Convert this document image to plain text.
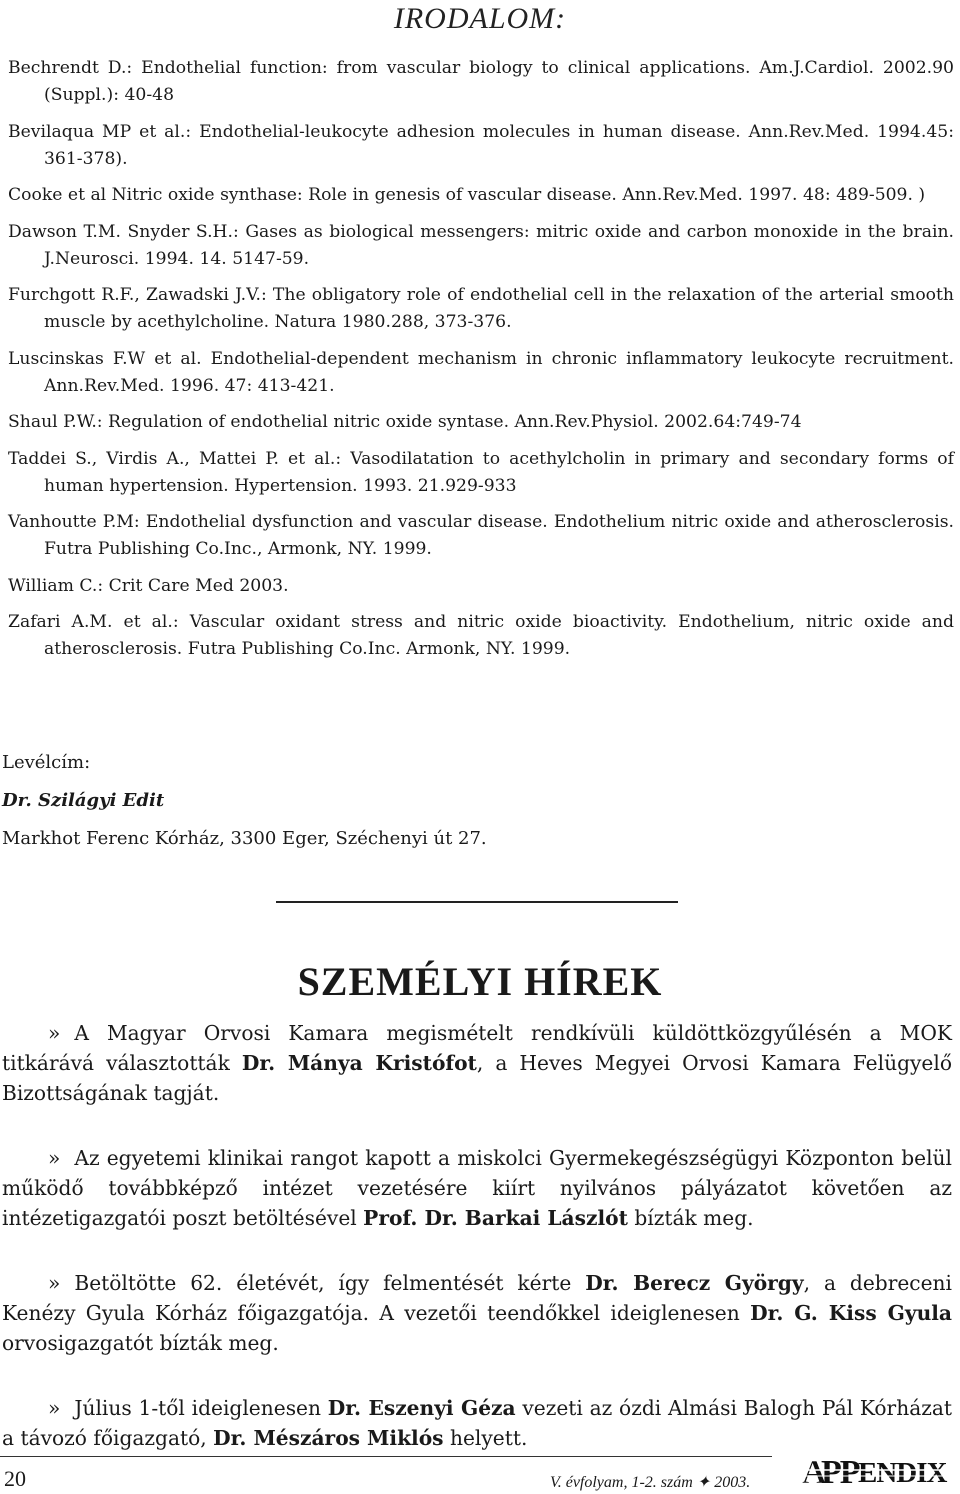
IRODALOM:

Bechrendt D.: Endothelial function: from vascular biology to clinical applications. Am.J.Cardiol. 2002.90 (Suppl.): 40-48

Bevilaqua MP et al.: Endothelial-leukocyte adhesion molecules in human disease. Ann.Rev.Med. 1994.45: 361-378).

Cooke et al Nitric oxide synthase: Role in genesis of vascular disease. Ann.Rev.Med. 1997. 48: 489-509. )

Dawson T.M. Snyder S.H.: Gases as biological messengers: mitric oxide and carbon monoxide in the brain. J.Neurosci. 1994. 14. 5147-59.

Furchgott R.F., Zawadski J.V.: The obligatory role of endothelial cell in the relaxation of the arterial smooth muscle by acethylcholine. Natura 1980.288, 373-376.

Luscinskas F.W et al. Endothelial-dependent mechanism in chronic inflammatory leukocyte recruitment. Ann.Rev.Med. 1996. 47: 413-421.

Shaul P.W.: Regulation of endothelial nitric oxide syntase. Ann.Rev.Physiol. 2002.64:749-74

Taddei S., Virdis A., Mattei P. et al.: Vasodilatation to acethylcholin in primary and secondary forms of human hypertension. Hypertension. 1993. 21.929-933

Vanhoutte P.M: Endothelial dysfunction and vascular disease. Endothelium nitric oxide and atherosclerosis. Futra Publishing Co.Inc., Armonk, NY. 1999.

William C.: Crit Care Med 2003.

Zafari A.M. et al.: Vascular oxidant stress and nitric oxide bioactivity. Endothelium, nitric oxide and atherosclerosis. Futra Publishing Co.Inc. Armonk, NY. 1999.

Levélcím:

Dr. Szilágyi Edit

Markhot Ferenc Kórház, 3300 Eger, Széchenyi út 27.

SZEMÉLYI HÍREK

» A Magyar Orvosi Kamara megismételt rendkívüli küldöttközgyűlésén a MOK titkárává választották Dr. Mánya Kristófot, a Heves Megyei Orvosi Kamara Felügyelő Bizottságának tagját.

» Az egyetemi klinikai rangot kapott a miskolci Gyermekegészségügyi Központon belül működő továbbképző intézet vezetésére kiírt nyilvános pályázatot követően az intézetigazgatói poszt betöltésével Prof. Dr. Barkai Lászlót bízták meg.

» Betöltötte 62. életévét, így felmentését kérte Dr. Berecz György, a debreceni Kenézy Gyula Kórház főigazgatója. A vezetői teendőkkel ideiglenesen Dr. G. Kiss Gyula orvosigazgatót bízták meg.

» Július 1-től ideiglenesen Dr. Eszenyi Géza vezeti az ózdi Almási Balogh Pál Kórházat a távozó főigazgató, Dr. Mészáros Miklós helyett.

20	V. évfolyam, 1-2. szám ✦ 2003. A
PP ENDIX
